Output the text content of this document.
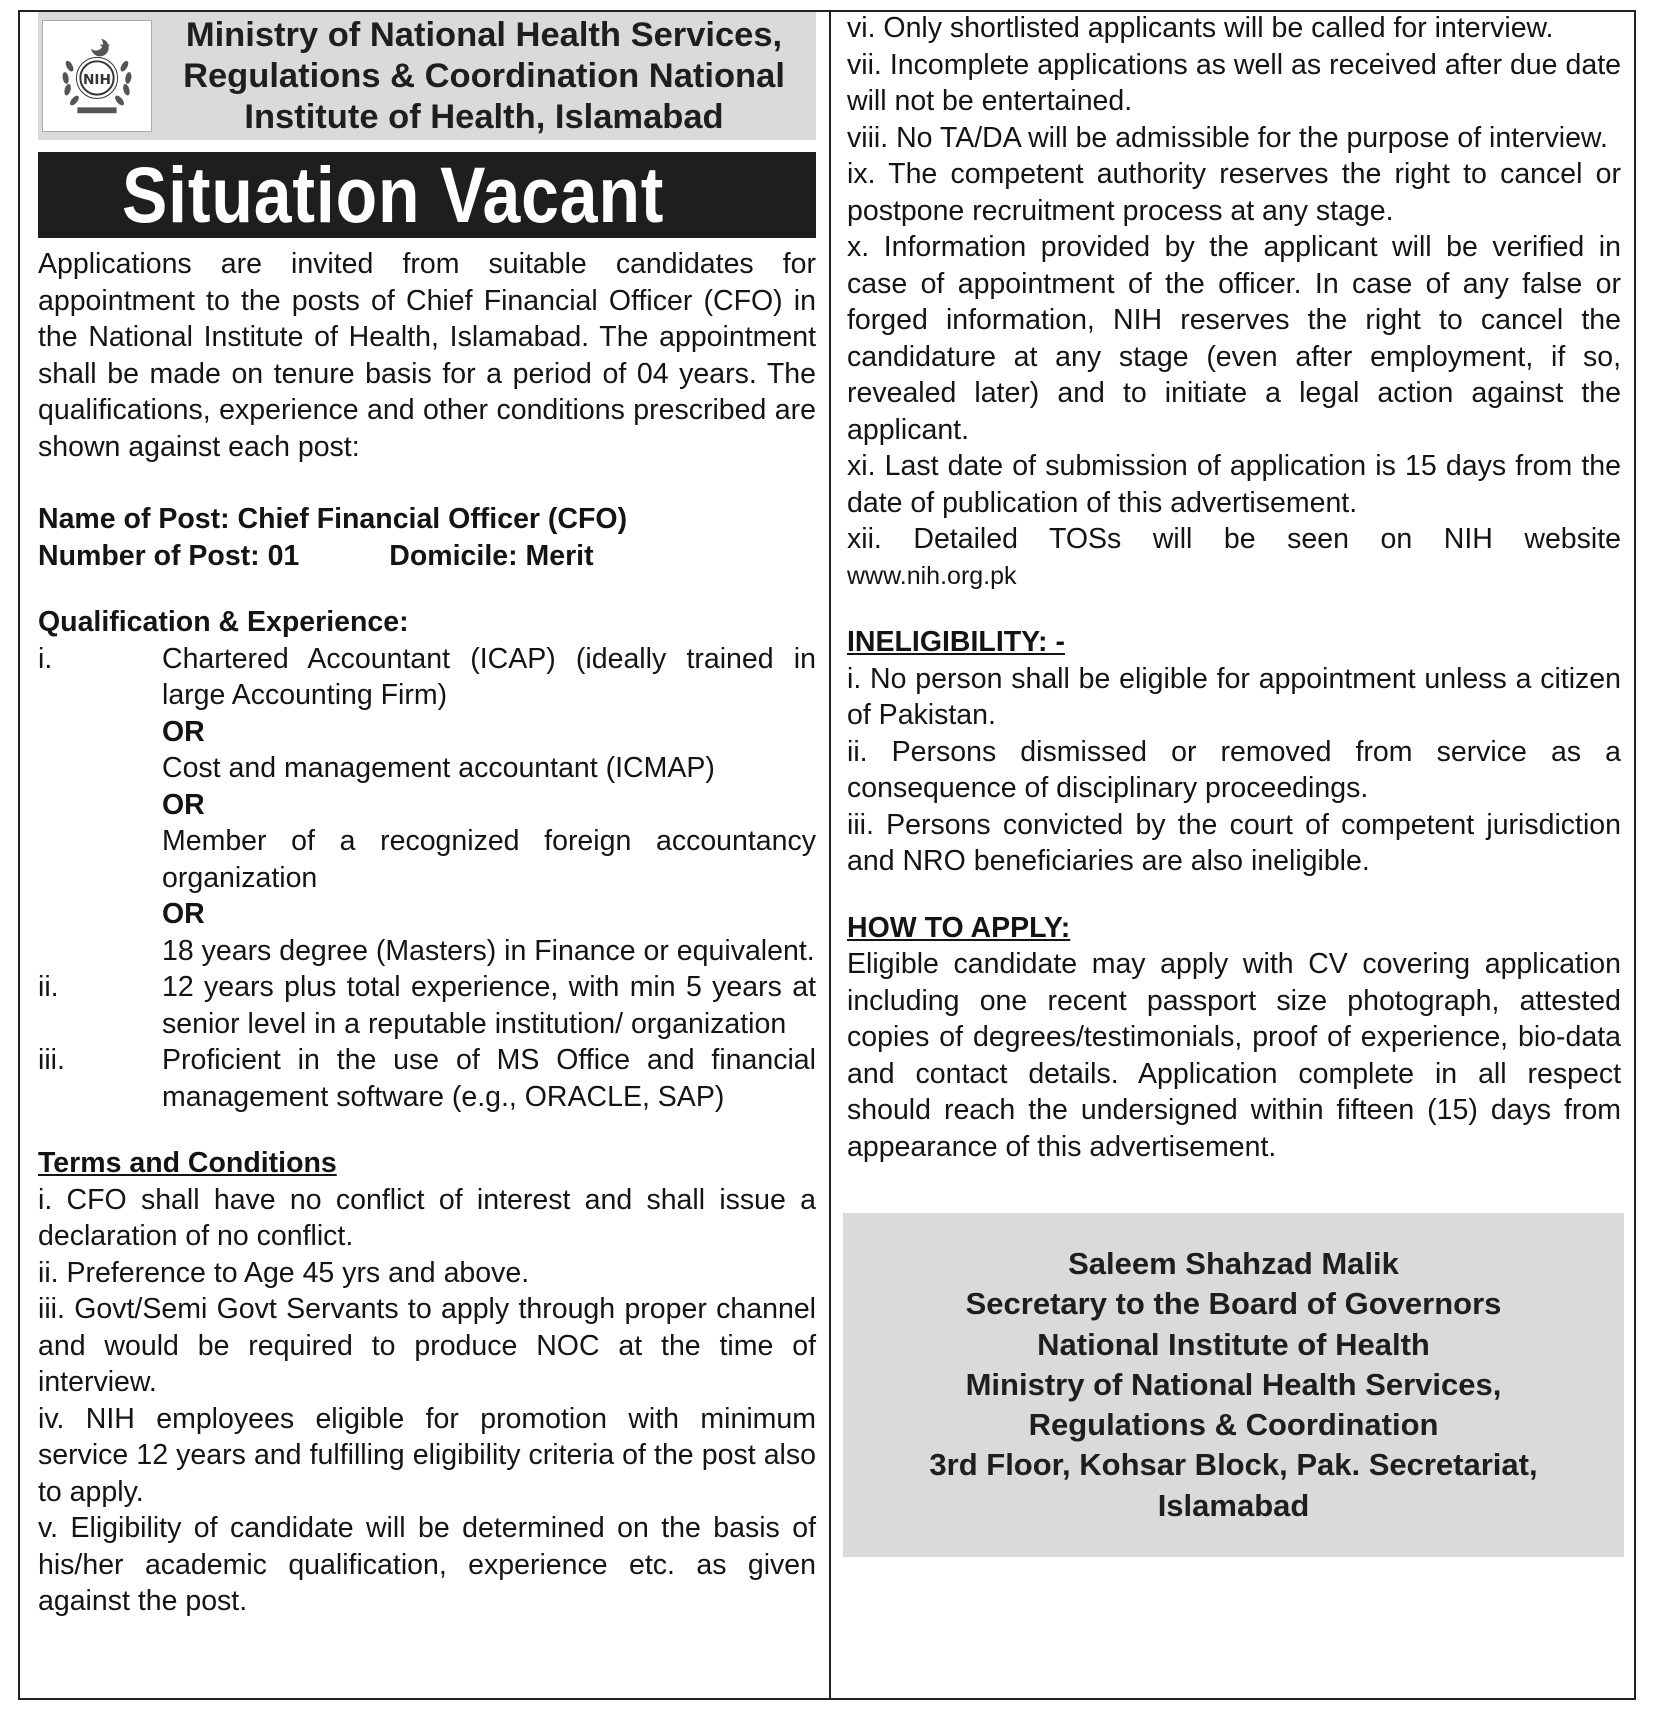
NIH
Ministry of National Health Services,
Regulations & Coordination National
Institute of Health, Islamabad
Situation Vacant
Applications are invited from suitable candidates for appointment to the posts of Chief Financial Officer (CFO) in the National Institute of Health, Islamabad. The appointment shall be made on tenure basis for a period of 04 years. The qualifications, experience and other conditions prescribed are shown against each post:
Name of Post: Chief Financial Officer (CFO)
Number of Post: 01	Domicile: Merit
Qualification & Experience:
i.	Chartered Accountant (ICAP) (ideally trained in large Accounting Firm)
OR
Cost and management accountant (ICMAP)
OR
Member of a recognized foreign accountancy organization
OR
18 years degree (Masters) in Finance or equivalent.
ii.	12 years plus total experience, with min 5 years at senior level in a reputable institution/ organization
iii.	Proficient in the use of MS Office and financial management software (e.g., ORACLE, SAP)
Terms and Conditions
i. CFO shall have no conflict of interest and shall issue a declaration of no conflict.
ii. Preference to Age 45 yrs and above.
iii. Govt/Semi Govt Servants to apply through proper channel and would be required to produce NOC at the time of interview.
iv. NIH employees eligible for promotion with minimum service 12 years and fulfilling eligibility criteria of the post also to apply.
v. Eligibility of candidate will be determined on the basis of his/her academic qualification, experience etc. as given against the post.
vi. Only shortlisted applicants will be called for interview.
vii. Incomplete applications as well as received after due date will not be entertained.
viii. No TA/DA will be admissible for the purpose of interview.
ix. The competent authority reserves the right to cancel or postpone recruitment process at any stage.
x. Information provided by the applicant will be verified in case of appointment of the officer. In case of any false or forged information, NIH reserves the right to cancel the candidature at any stage (even after employment, if so, revealed later) and to initiate a legal action against the applicant.
xi. Last date of submission of application is 15 days from the date of publication of this advertisement.
xii. Detailed TOSs will be seen on NIH website
www.nih.org.pk
INELIGIBILITY: -
i. No person shall be eligible for appointment unless a citizen of Pakistan.
ii. Persons dismissed or removed from service as a consequence of disciplinary proceedings.
iii. Persons convicted by the court of competent jurisdiction and NRO beneficiaries are also ineligible.
HOW TO APPLY:
Eligible candidate may apply with CV covering application including one recent passport size photograph, attested copies of degrees/testimonials, proof of experience, bio-data and contact details. Application complete in all respect should reach the undersigned within fifteen (15) days from appearance of this advertisement.
Saleem Shahzad Malik
Secretary to the Board of Governors
National Institute of Health
Ministry of National Health Services,
Regulations & Coordination
3rd Floor, Kohsar Block, Pak. Secretariat,
Islamabad
